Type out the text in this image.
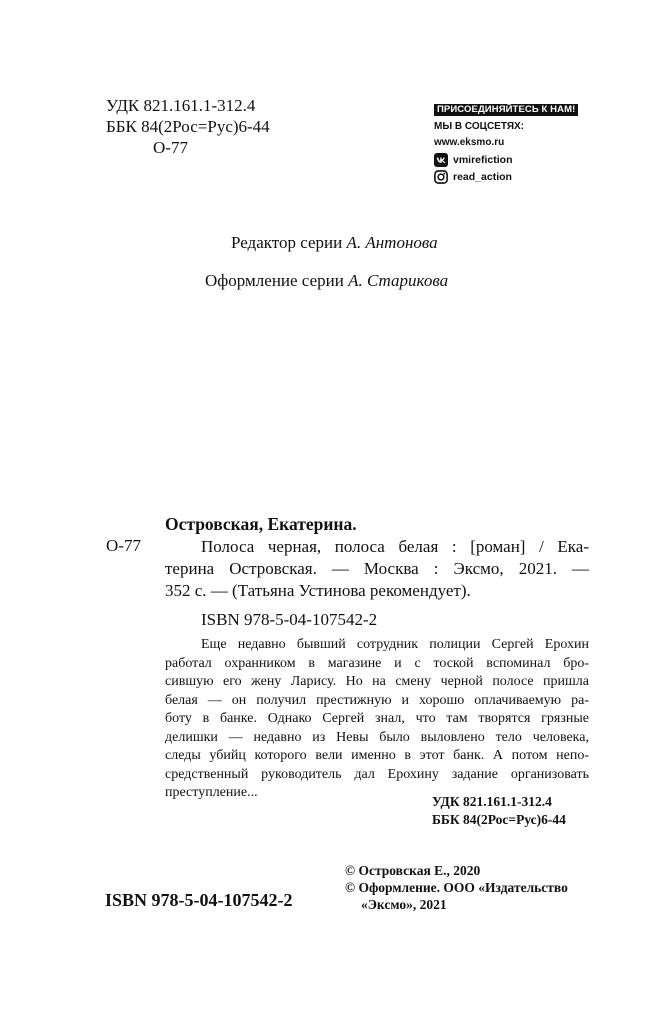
УДК 821.161.1-312.4
ББК 84(2Рос=Рус)6-44
О-77
ПРИСОЕДИНЯЙТЕСЬ К НАМ!
МЫ В СОЦСЕТЯХ:
www.eksmo.ru
vmirefiction
read_action
Редактор серии А. Антонова
Оформление серии А. Старикова
Островская, Екатерина.
О-77	Полоса черная, полоса белая : [роман] / Ека-
терина Островская. — Москва : Эксмо, 2021. —
352 с. — (Татьяна Устинова рекомендует).
ISBN 978-5-04-107542-2
Еще недавно бывший сотрудник полиции Сергей Ерохин
работал охранником в магазине и с тоской вспоминал бро-
сившую его жену Ларису. Но на смену черной полосе пришла
белая — он получил престижную и хорошо оплачиваемую ра-
боту в банке. Однако Сергей знал, что там творятся грязные
делишки — недавно из Невы было выловлено тело человека,
следы убийц которого вели именно в этот банк. А потом непо-
средственный руководитель дал Ерохину задание организовать
преступление...
УДК 821.161.1-312.4
ББК 84(2Рос=Рус)6-44
© Островская Е., 2020
© Оформление. ООО «Издательство
«Эксмо», 2021
ISBN 978-5-04-107542-2
